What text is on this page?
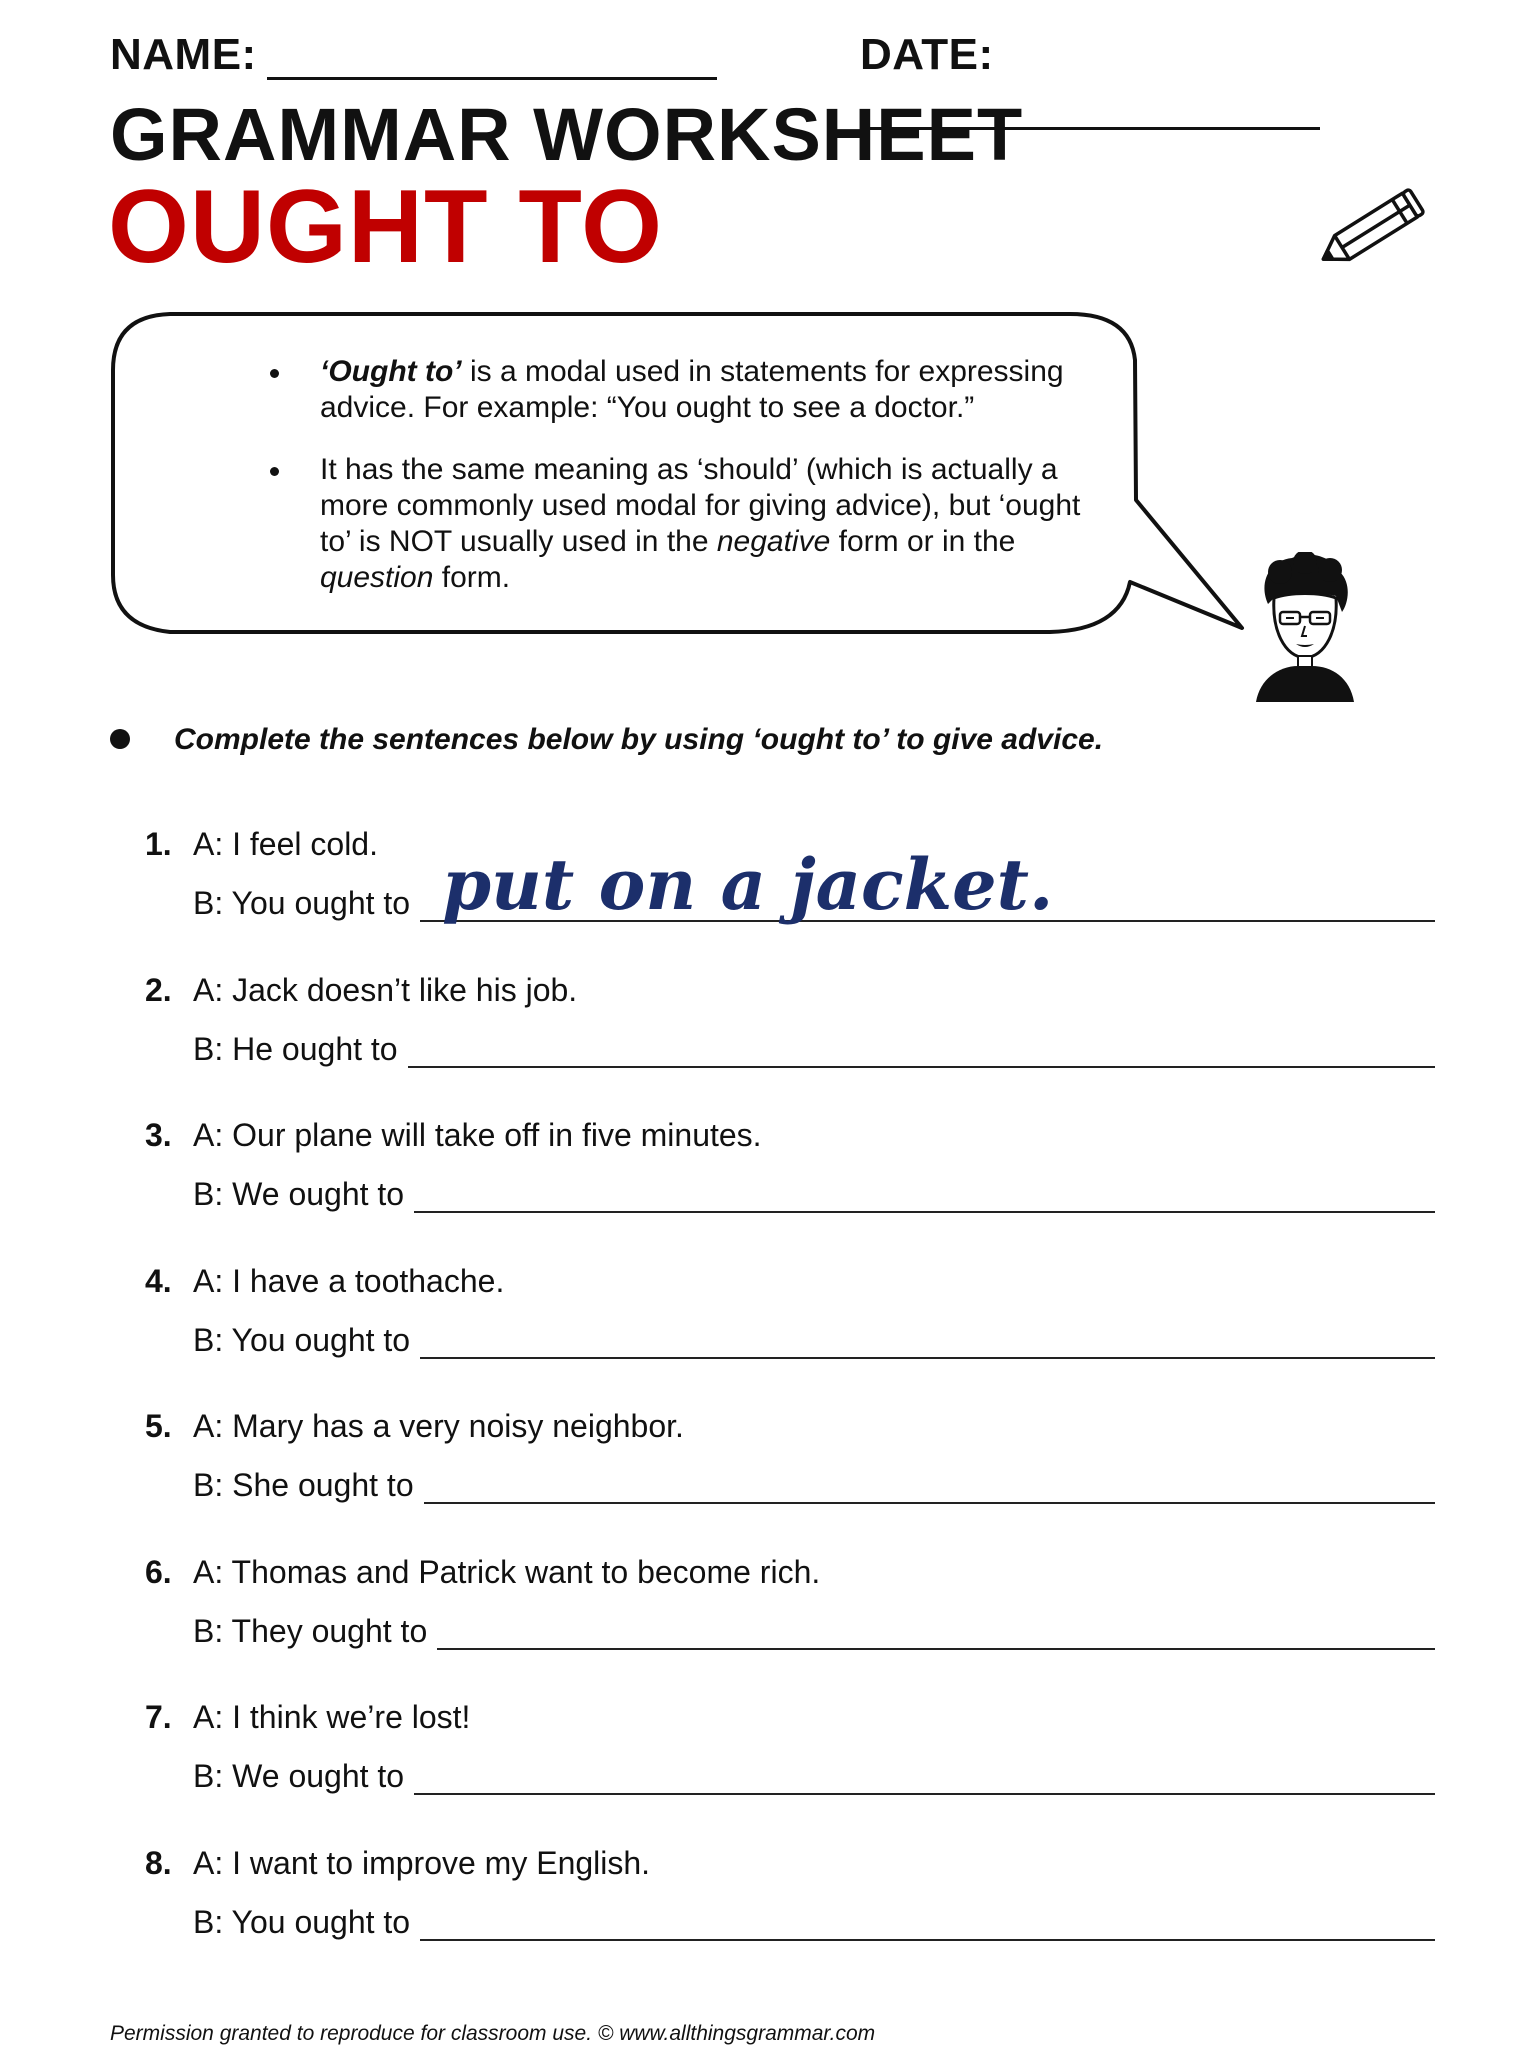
NAME:	DATE:
GRAMMAR WORKSHEET
OUGHT TO
‘Ought to’ is a modal used in statements for expressing advice. For example: “You ought to see a doctor.”
It has the same meaning as ‘should’ (which is actually a more commonly used modal for giving advice), but ‘ought to’ is NOT usually used in the negative form or in the question form.
Complete the sentences below by using ‘ought to’ to give advice.
1. A: I feel cold.
B: You ought to put on a jacket.
2. A: Jack doesn’t like his job.
B: He ought to
3. A: Our plane will take off in five minutes.
B: We ought to
4. A: I have a toothache.
B: You ought to
5. A: Mary has a very noisy neighbor.
B: She ought to
6. A: Thomas and Patrick want to become rich.
B: They ought to
7. A: I think we’re lost!
B: We ought to
8. A: I want to improve my English.
B: You ought to
Permission granted to reproduce for classroom use. © www.allthingsgrammar.com
